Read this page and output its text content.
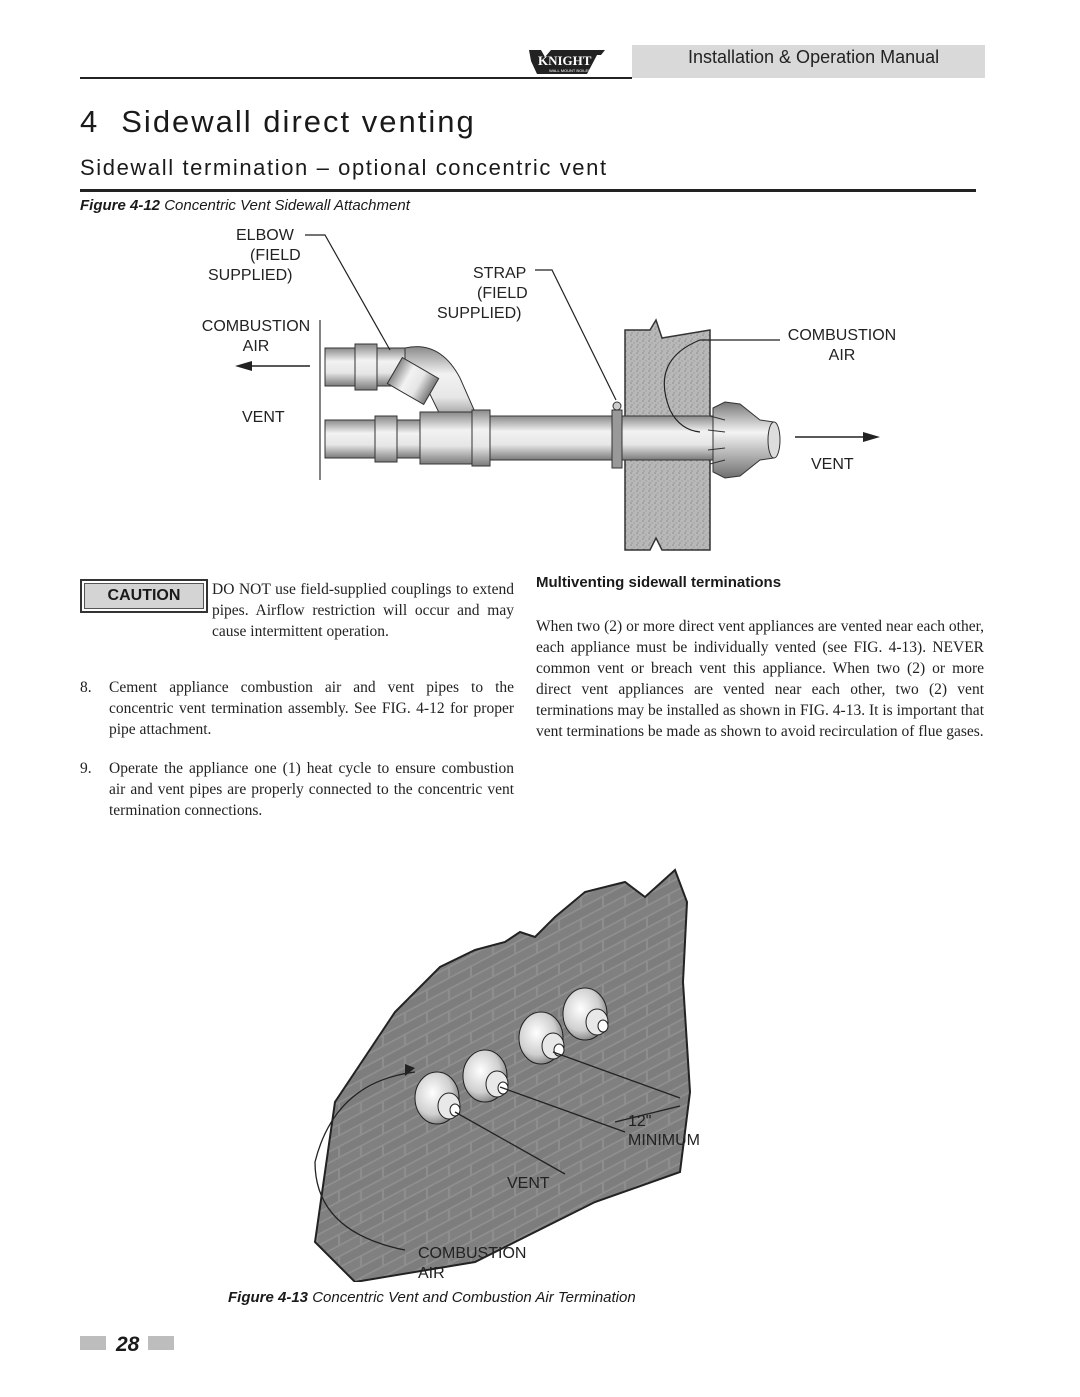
KNIGHT
WALL MOUNT BOILER
Installation & Operation Manual
4 Sidewall direct venting
Sidewall termination – optional concentric vent
Figure 4-12 Concentric Vent Sidewall Attachment
ELBOW
(FIELD
SUPPLIED)	STRAP
(FIELD
SUPPLIED)
COMBUSTION
AIR
COMBUSTION
AIR
VENT
VENT
CAUTION	DO NOT use field-supplied couplings to extend pipes. Airflow restriction will occur and may cause intermittent operation.
8. Cement appliance combustion air and vent pipes to the concentric vent termination assembly. See FIG. 4-12 for proper pipe attachment.
9. Operate the appliance one (1) heat cycle to ensure combustion air and vent pipes are properly connected to the concentric vent termination connections.
Multiventing sidewall terminations
When two (2) or more direct vent appliances are vented near each other, each appliance must be individually vented (see FIG. 4-13). NEVER common vent or breach vent this appliance. When two (2) or more direct vent appliances are vented near each other, two (2) vent terminations may be installed as shown in FIG. 4-13. It is important that vent terminations be made as shown to avoid recirculation of flue gases.
12"
MINIMUM
VENT
COMBUSTION
AIR
Figure 4-13 Concentric Vent and Combustion Air Termination
28
